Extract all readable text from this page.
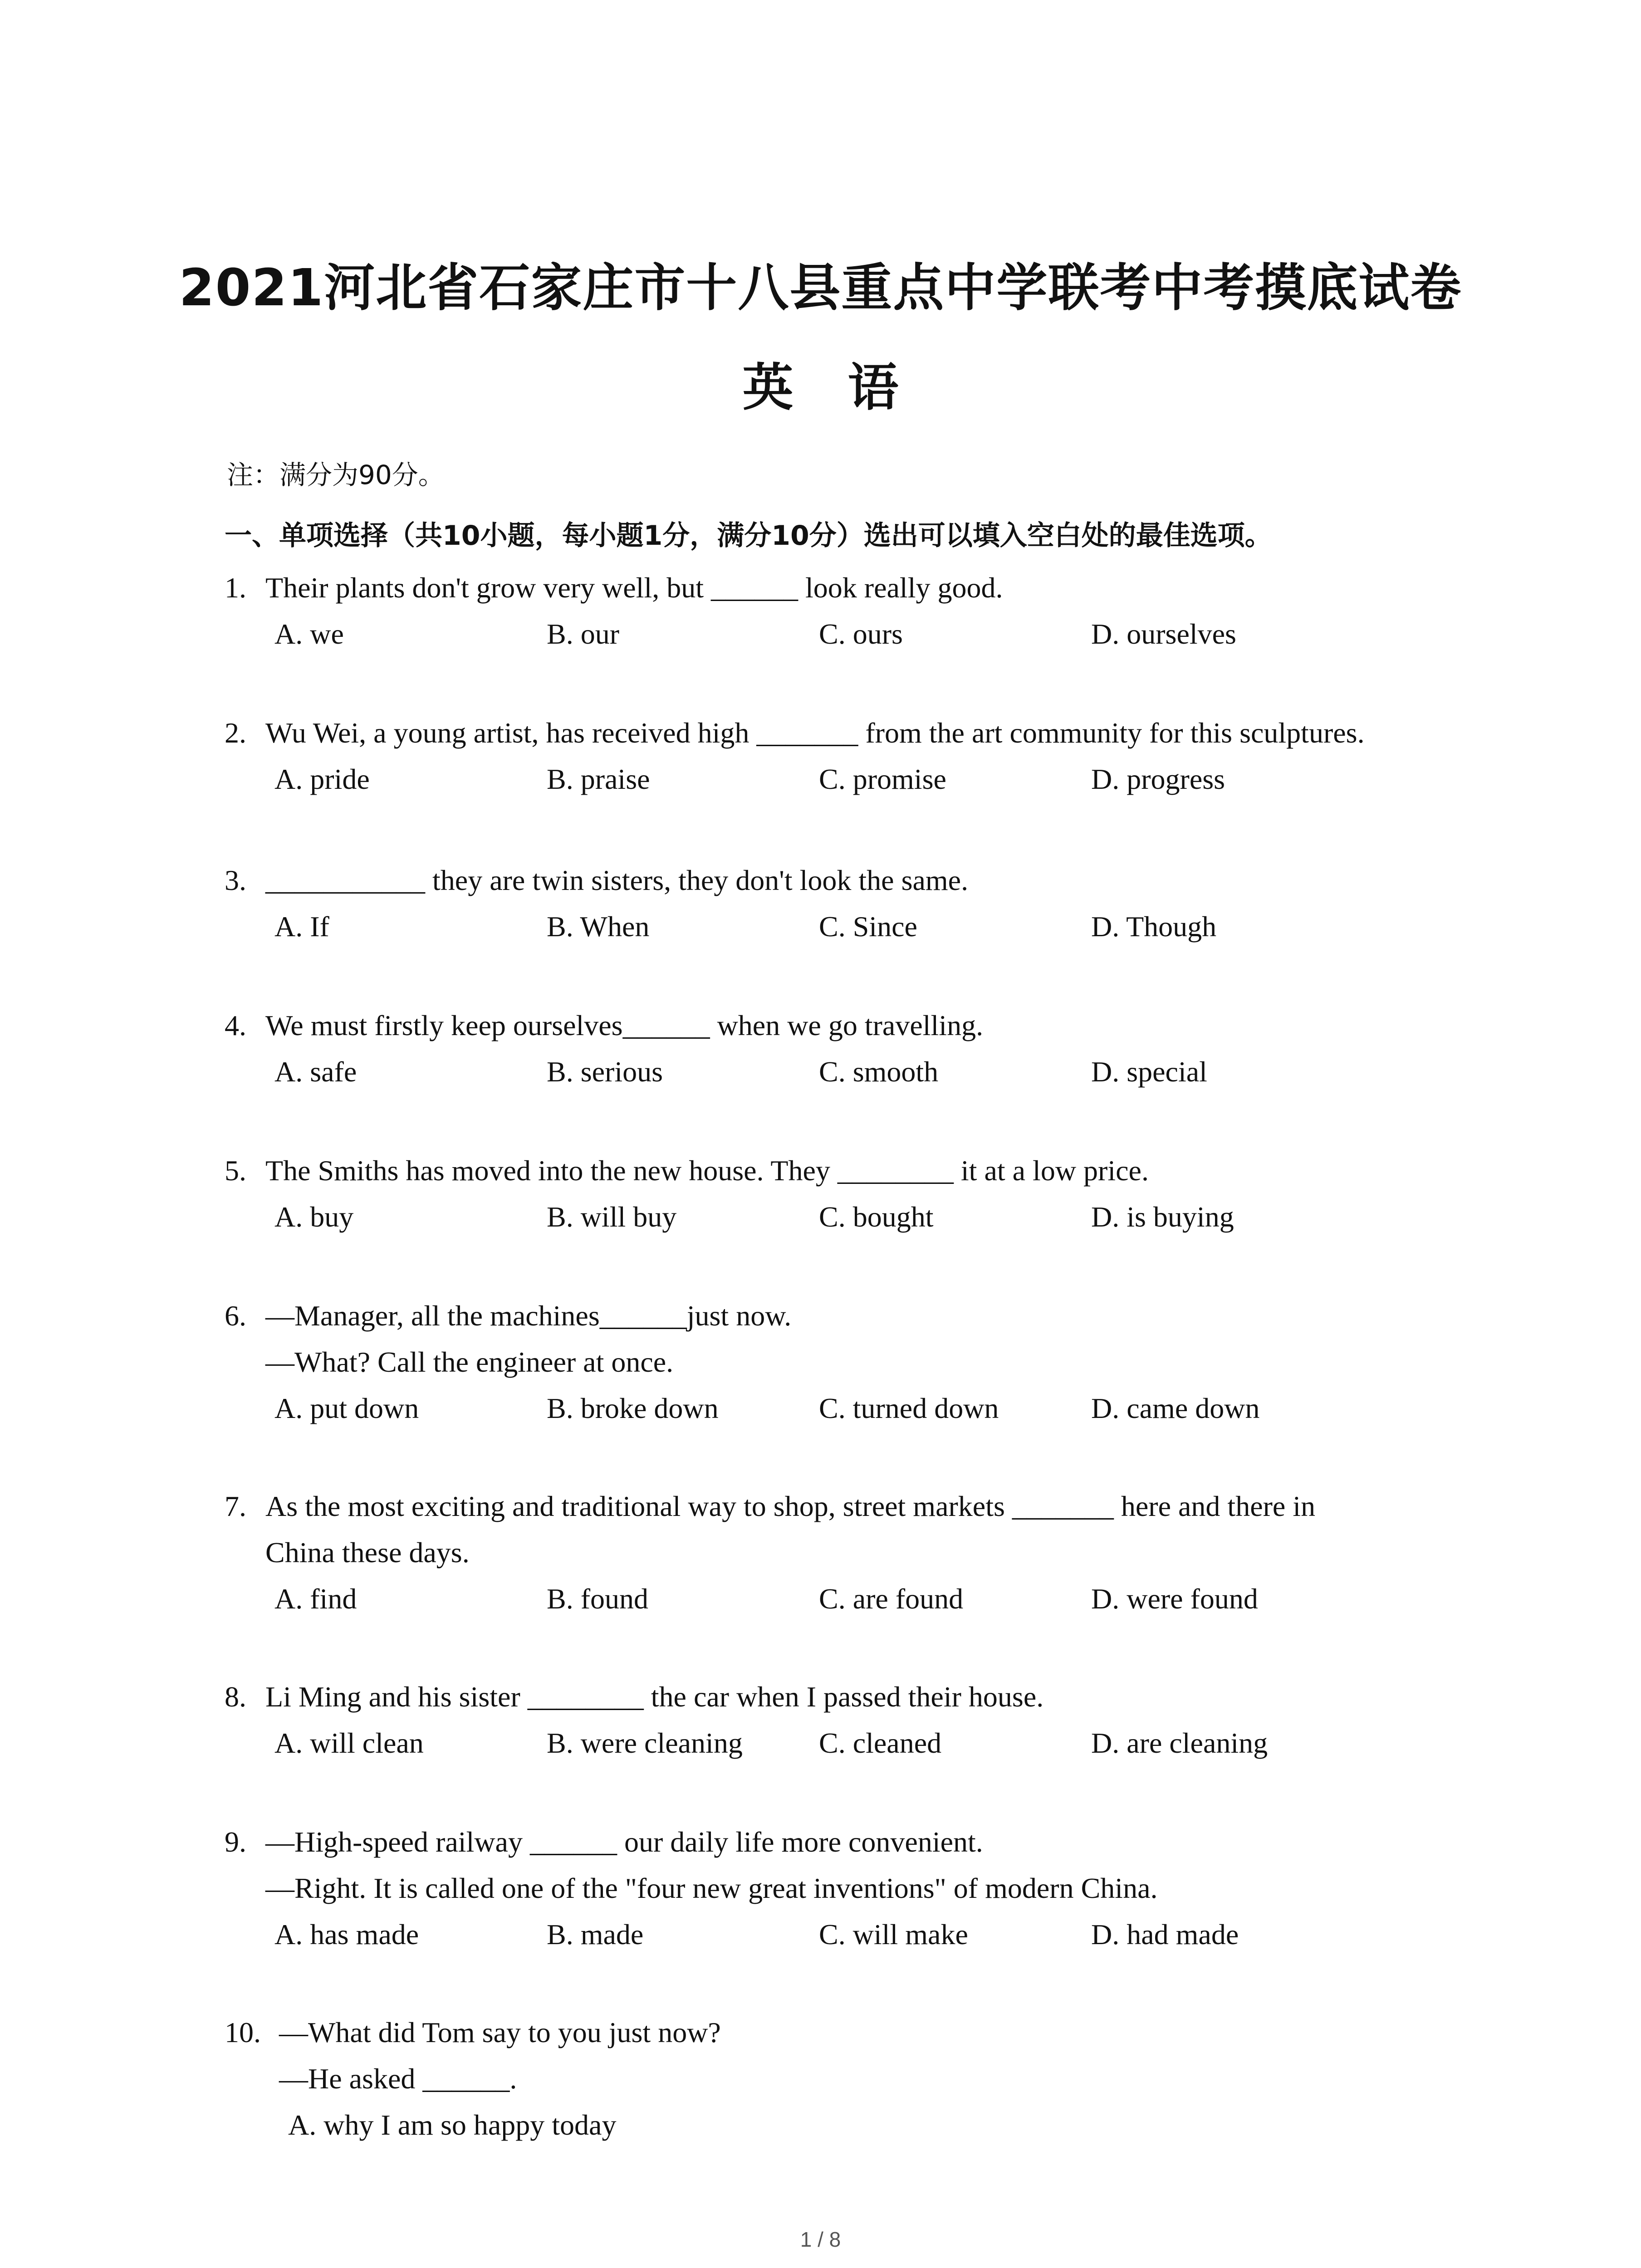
2021河北省石家庄市十八县重点中学联考中考摸底试卷
英 语
注：满分为90分。
一、单项选择（共10小题，每小题1分，满分10分）选出可以填入空白处的最佳选项。
1. Their plants don't grow very well, but ______ look really good.
A. we	B. our	C. ours	D. ourselves
2. Wu Wei, a young artist, has received high _______ from the art community for this sculptures.
A. pride	B. praise	C. promise	D. progress
3. ___________ they are twin sisters, they don't look the same.
A. If	B. When	C. Since	D. Though
4. We must firstly keep ourselves______ when we go travelling.
A. safe	B. serious	C. smooth	D. special
5. The Smiths has moved into the new house. They ________ it at a low price.
A. buy	B. will buy	C. bought	D. is buying
6. —Manager, all the machines______just now.
—What? Call the engineer at once.
A. put down	B. broke down	C. turned down	D. came down
7. As the most exciting and traditional way to shop, street markets _______ here and there in
China these days.
A. find	B. found	C. are found	D. were found
8. Li Ming and his sister ________ the car when I passed their house.
A. will clean	B. were cleaning	C. cleaned	D. are cleaning
9. —High-speed railway ______ our daily life more convenient.
—Right. It is called one of the "four new great inventions" of modern China.
A. has made	B. made	C. will make	D. had made
10. —What did Tom say to you just now?
—He asked ______.
A. why I am so happy today
1 / 8
